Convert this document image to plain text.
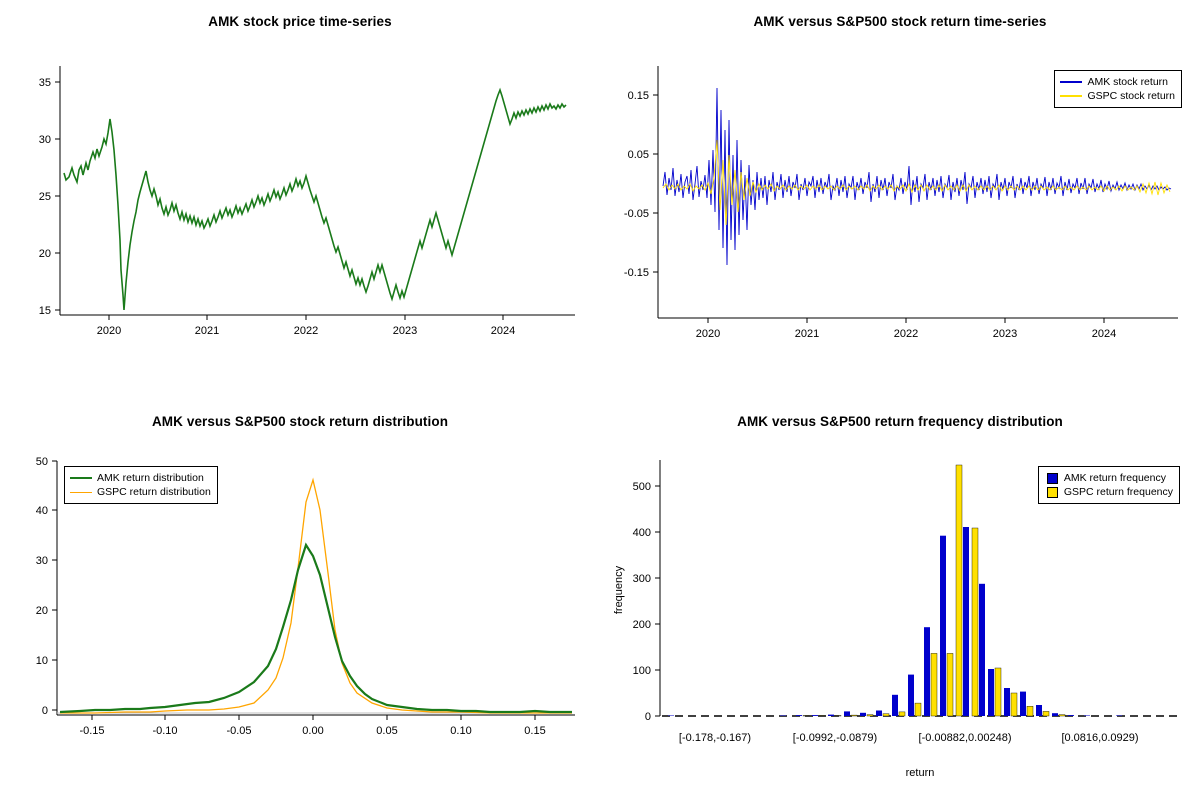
AMK stock price time-series
15
20
25
30
35
2020	2021	2022	2023	2024
AMK versus S&P500 stock return time-series
-0.15
-0.05
0.05
0.15
2020	2021	2022	2023	2024
AMK stock return
GSPC stock return
AMK versus S&P500 stock return distribution
0
10
20
30
40
50
-0.15	-0.10	-0.05	0.00	0.05	0.10	0.15
AMK return distribution
GSPC return distribution
AMK versus S&P500 return frequency distribution
0
100
200
300
400
500
[-0.178,-0.167)	[-0.0992,-0.0879)	[-0.00882,0.00248)	[0.0816,0.0929)
return
frequency
AMK return frequency
GSPC return frequency
